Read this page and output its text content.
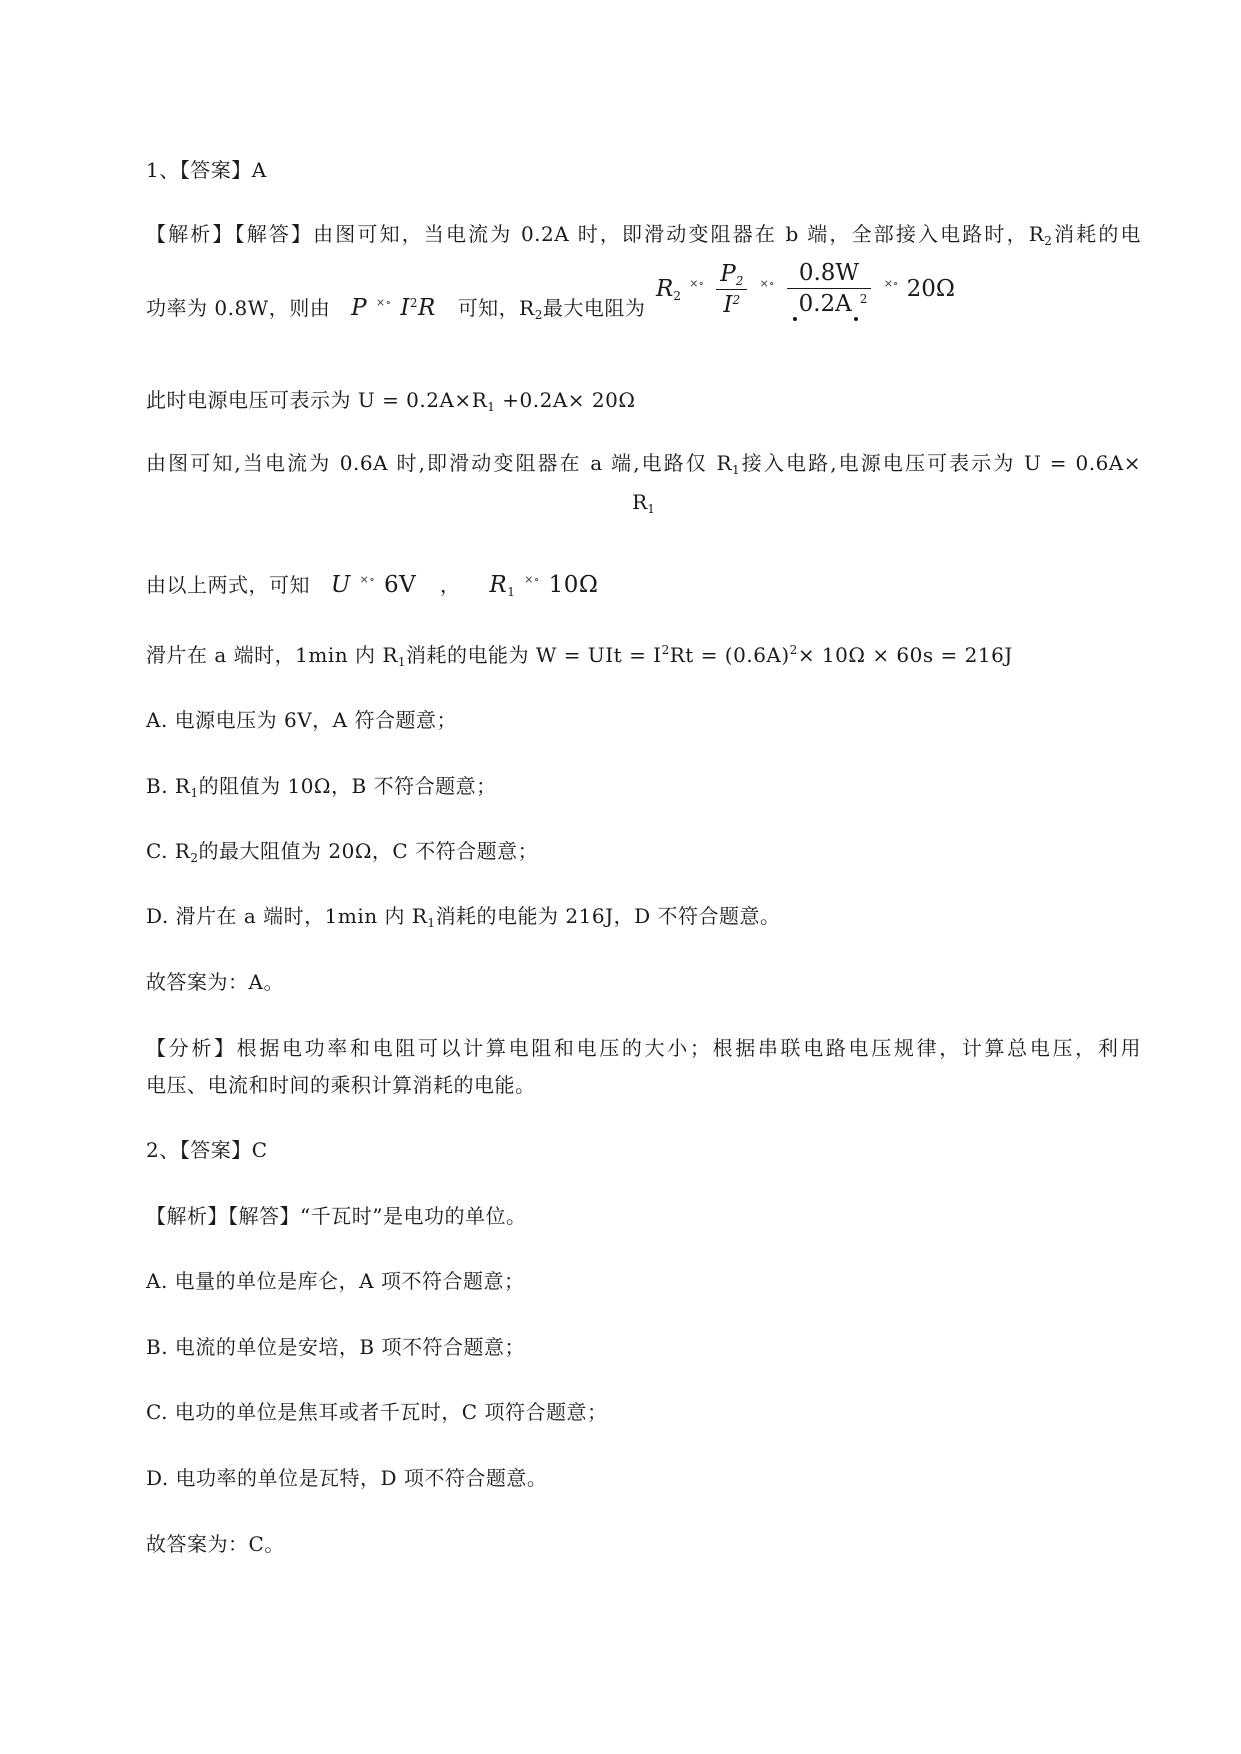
1、【答案】A
【解析】【解答】由图可知，当电流为 0.2A 时，即滑动变阻器在 b 端，全部接入电路时，$R_2$消耗的电
功率为 0.8W，则由 P ×∘ $I^2R$ 可知，$R_2$最大电阻为
$R_2$ $^{\times\circ} \frac{P_2}{I^2} ^{\times\circ} \frac{0.8W}{0.2A ^2} ^{\times\circ}$ 20Ω
此时电源电压可表示为 $U = 0.2A\times R_1 +0.2A\times 20\Omega$
由图可知,当电流为 0.6A 时,即滑动变阻器在 a 端,电路仅 $R_1$接入电路,电源电压可表示为 U = 0.6A×
$R_1$
由以上两式，可知 U ×∘ 6V ， $R_1$ ×∘ 10Ω
滑片在 a 端时，1min 内 $R_1$消耗的电能为 W = UIt = $I^2Rt = (0.6A)^2\times 10\Omega \times 60s = 216J$
A. 电源电压为 6V，A 符合题意；
B. $R_1$的阻值为 10Ω，B 不符合题意；
C. $R_2$的最大阻值为 20Ω，C 不符合题意；
D. 滑片在 a 端时，1min 内 $R_1$消耗的电能为 216J，D 不符合题意。
故答案为：A。
【分析】根据电功率和电阻可以计算电阻和电压的大小；根据串联电路电压规律，计算总电压，利用
电压、电流和时间的乘积计算消耗的电能。
2、【答案】C
【解析】【解答】“千瓦时”是电功的单位。
A. 电量的单位是库仑，A 项不符合题意；
B. 电流的单位是安培，B 项不符合题意；
C. 电功的单位是焦耳或者千瓦时，C 项符合题意；
D. 电功率的单位是瓦特，D 项不符合题意。
故答案为：C。
